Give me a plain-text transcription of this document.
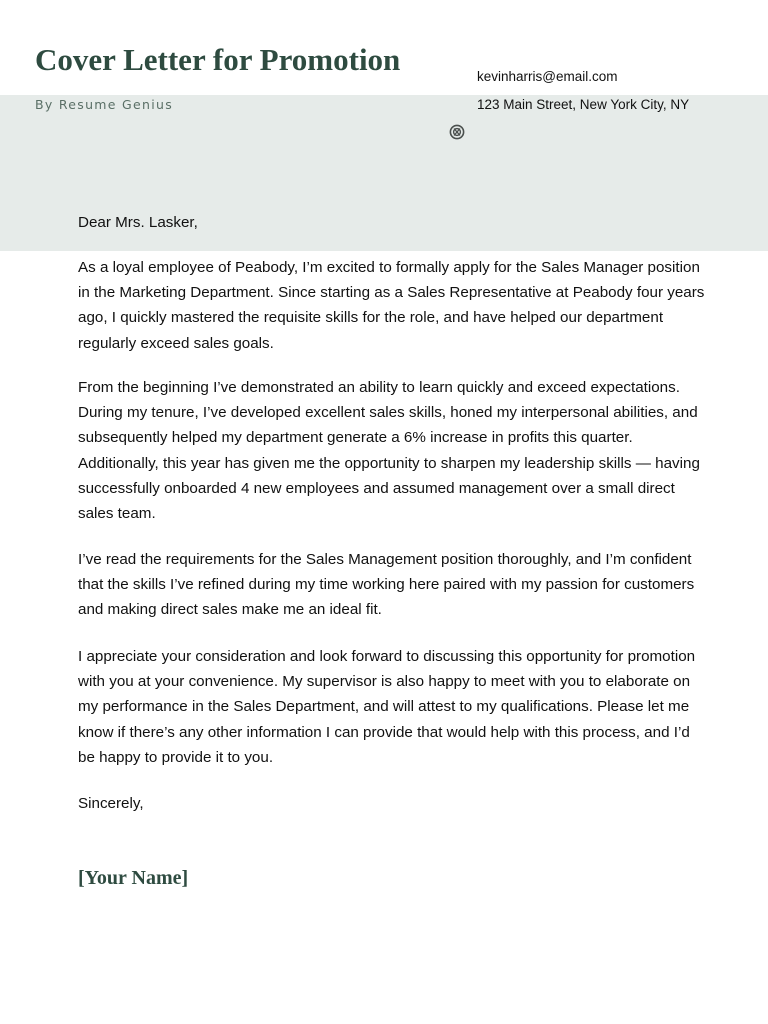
Cover Letter for Promotion
By Resume Genius
kevinharris@email.com
123 Main Street, New York City, NY
Dear Mrs. Lasker,

As a loyal employee of Peabody, I’m excited to formally apply for the Sales Manager position in the Marketing Department. Since starting as a Sales Representative at Peabody four years ago, I quickly mastered the requisite skills for the role, and have helped our department regularly exceed sales goals.

From the beginning I’ve demonstrated an ability to learn quickly and exceed expectations. During my tenure, I’ve developed excellent sales skills, honed my interpersonal abilities, and subsequently helped my department generate a 6% increase in profits this quarter. Additionally, this year has given me the opportunity to sharpen my leadership skills — having successfully onboarded 4 new employees and assumed management over a small direct sales team.

I’ve read the requirements for the Sales Management position thoroughly, and I’m confident that the skills I’ve refined during my time working here paired with my passion for customers and making direct sales make me an ideal fit.

I appreciate your consideration and look forward to discussing this opportunity for promotion with you at your convenience. My supervisor is also happy to meet with you to elaborate on my performance in the Sales Department, and will attest to my qualifications. Please let me know if there’s any other information I can provide that would help with this process, and I’d be happy to provide it to you.

Sincerely,
[Your Name]
